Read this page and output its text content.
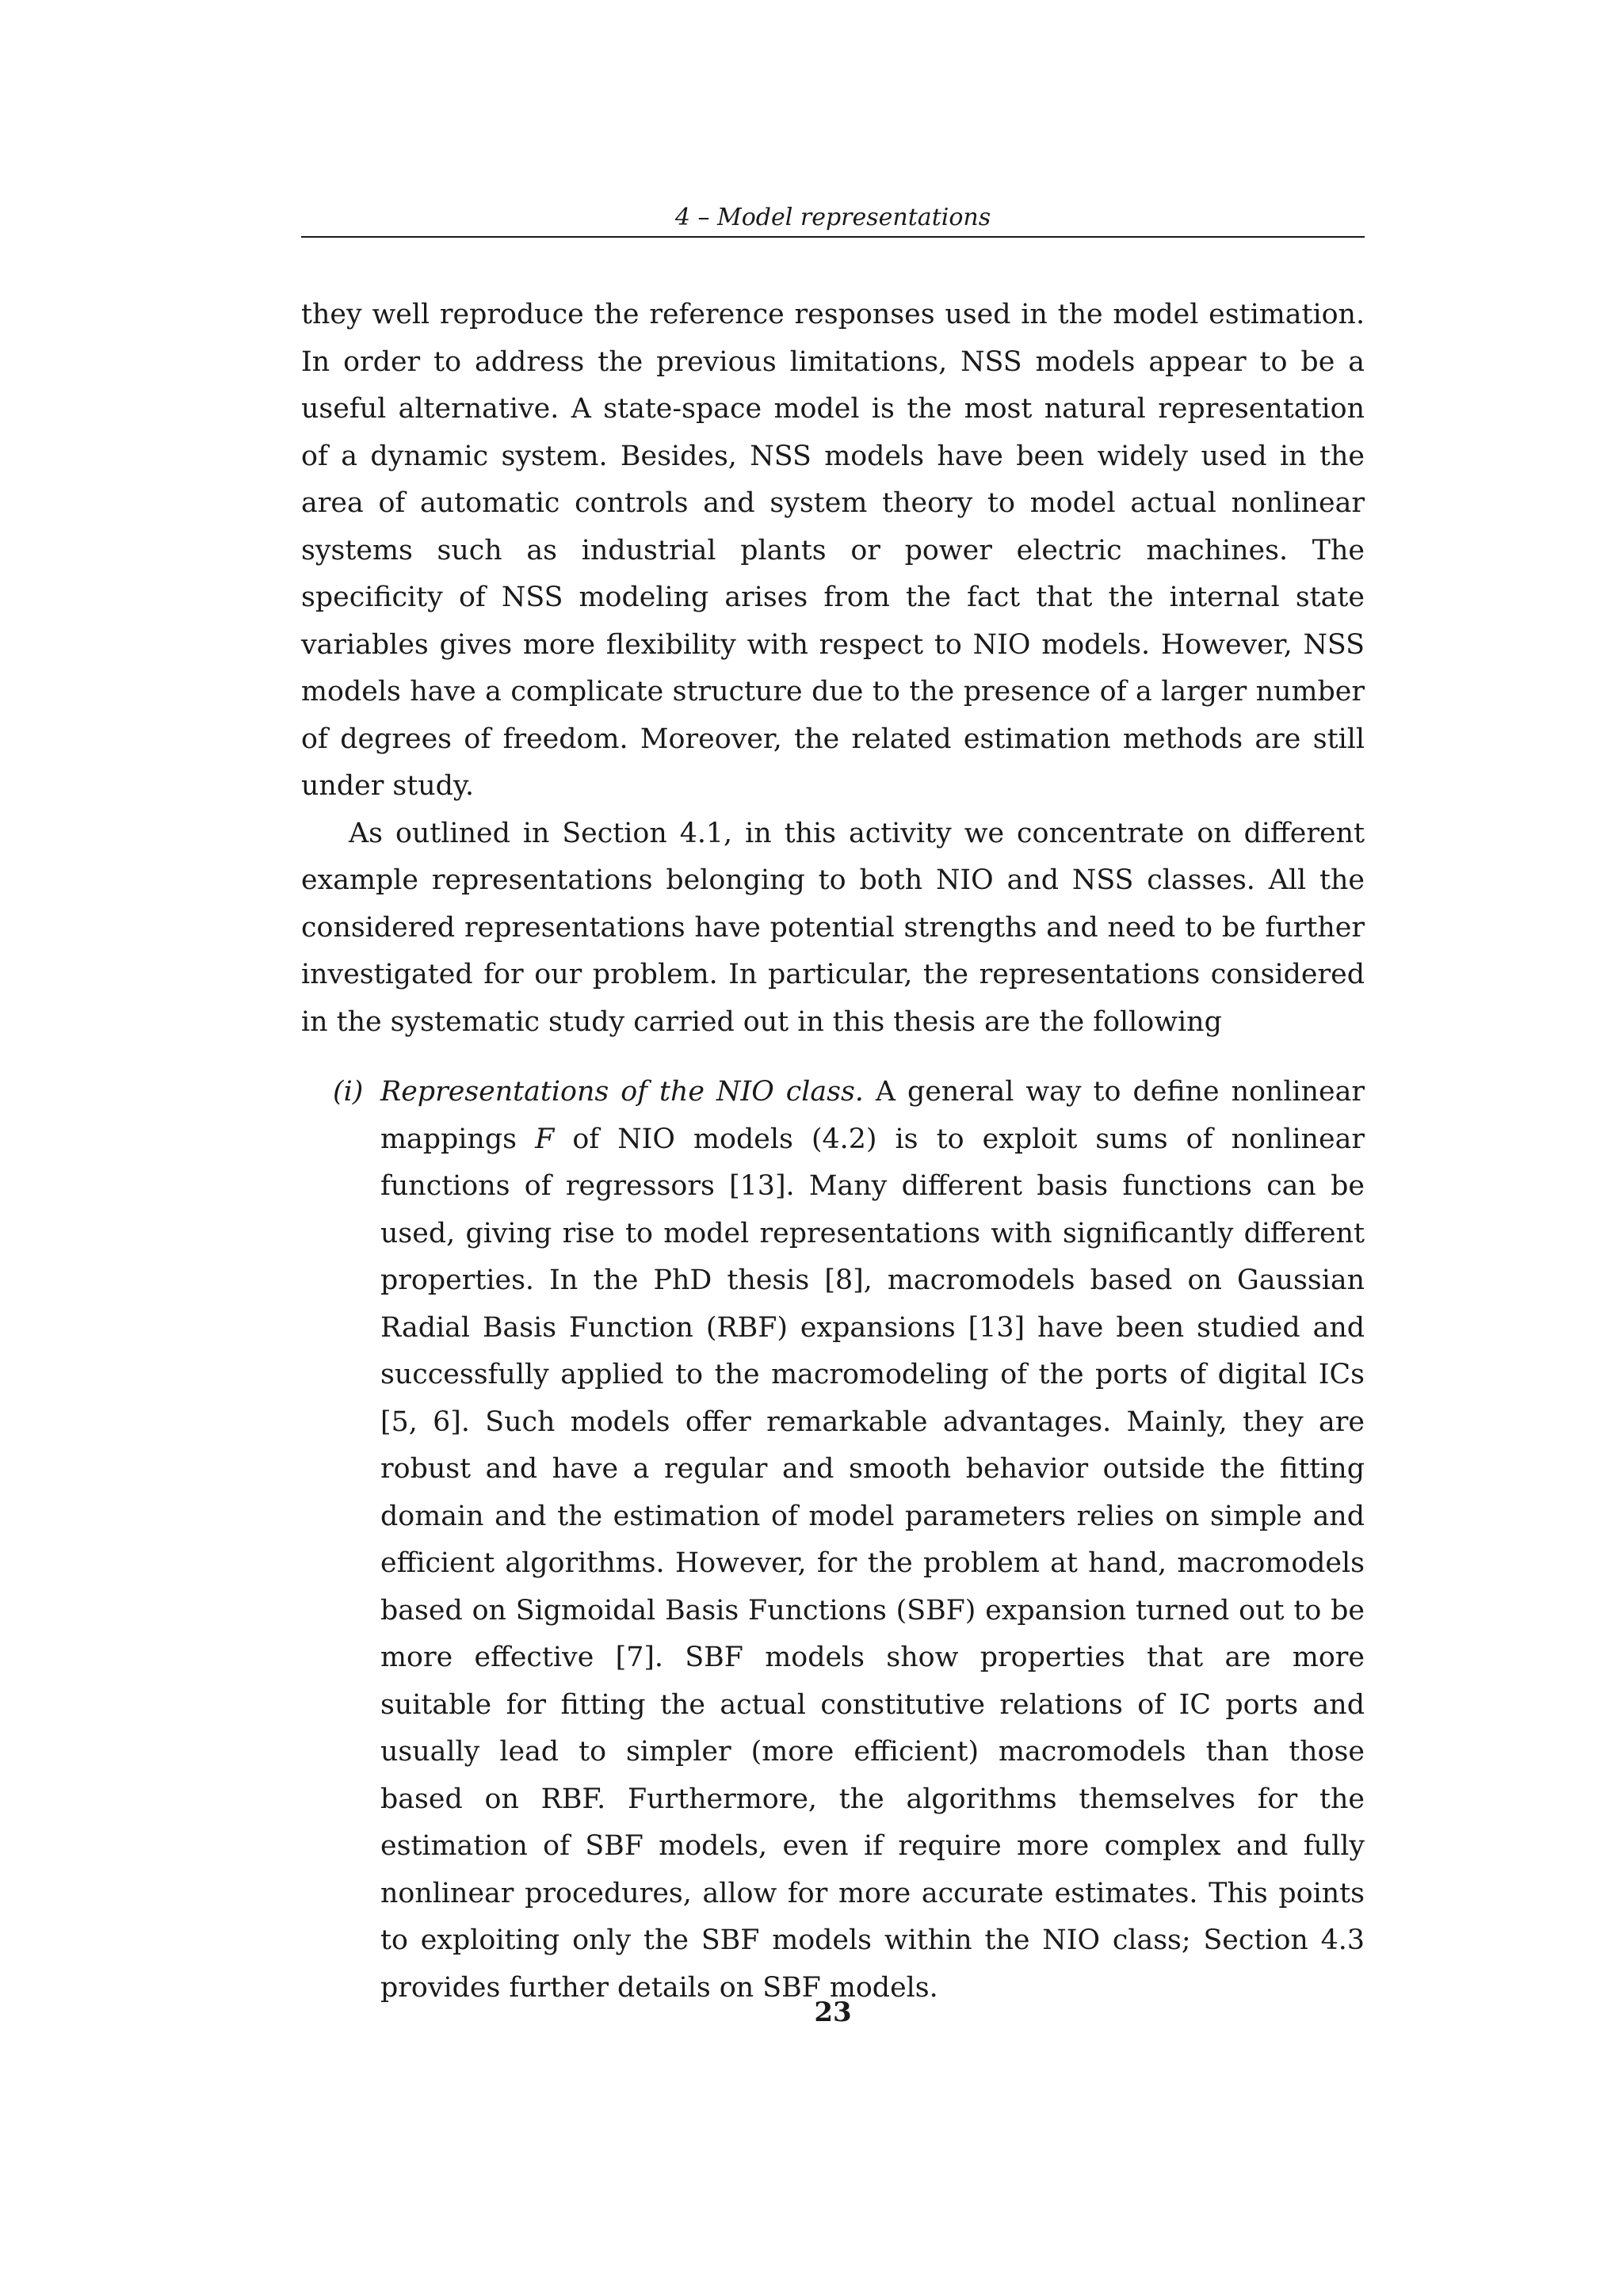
4 – Model representations

they well reproduce the reference responses used in the model estimation. In order to address the previous limitations, NSS models appear to be a useful alternative. A state-space model is the most natural representation of a dynamic system. Besides, NSS models have been widely used in the area of automatic controls and system theory to model actual nonlinear systems such as industrial plants or power electric machines. The specificity of NSS modeling arises from the fact that the internal state variables gives more flexibility with respect to NIO models. However, NSS models have a complicate structure due to the presence of a larger number of degrees of freedom. Moreover, the related estimation methods are still under study.

As outlined in Section 4.1, in this activity we concentrate on different example representations belonging to both NIO and NSS classes. All the considered representations have potential strengths and need to be further investigated for our problem. In particular, the representations considered in the systematic study carried out in this thesis are the following

(i) Representations of the NIO class. A general way to define nonlinear mappings F of NIO models (4.2) is to exploit sums of nonlinear functions of regressors [13]. Many different basis functions can be used, giving rise to model representations with significantly different properties. In the PhD thesis [8], macromodels based on Gaussian Radial Basis Function (RBF) expansions [13] have been studied and successfully applied to the macromodeling of the ports of digital ICs [5, 6]. Such models offer remarkable advantages. Mainly, they are robust and have a regular and smooth behavior outside the fitting domain and the estimation of model parameters relies on simple and efficient algorithms. However, for the problem at hand, macromodels based on Sigmoidal Basis Functions (SBF) expansion turned out to be more effective [7]. SBF models show properties that are more suitable for fitting the actual constitutive relations of IC ports and usually lead to simpler (more efficient) macromodels than those based on RBF. Furthermore, the algorithms themselves for the estimation of SBF models, even if require more complex and fully nonlinear procedures, allow for more accurate estimates. This points to exploiting only the SBF models within the NIO class; Section 4.3 provides further details on SBF models.
23
